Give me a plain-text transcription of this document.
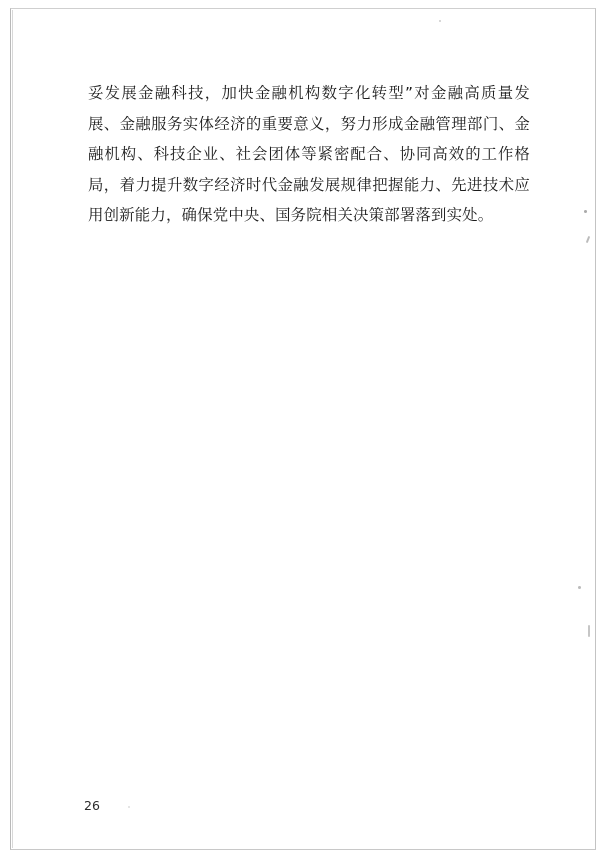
妥发展金融科技，加快金融机构数字化转型”对金融高质量发展、金融服务实体经济的重要意义，努力形成金融管理部门、金融机构、科技企业、社会团体等紧密配合、协同高效的工作格局，着力提升数字经济时代金融发展规律把握能力、先进技术应用创新能力，确保党中央、国务院相关决策部署落到实处。
26
